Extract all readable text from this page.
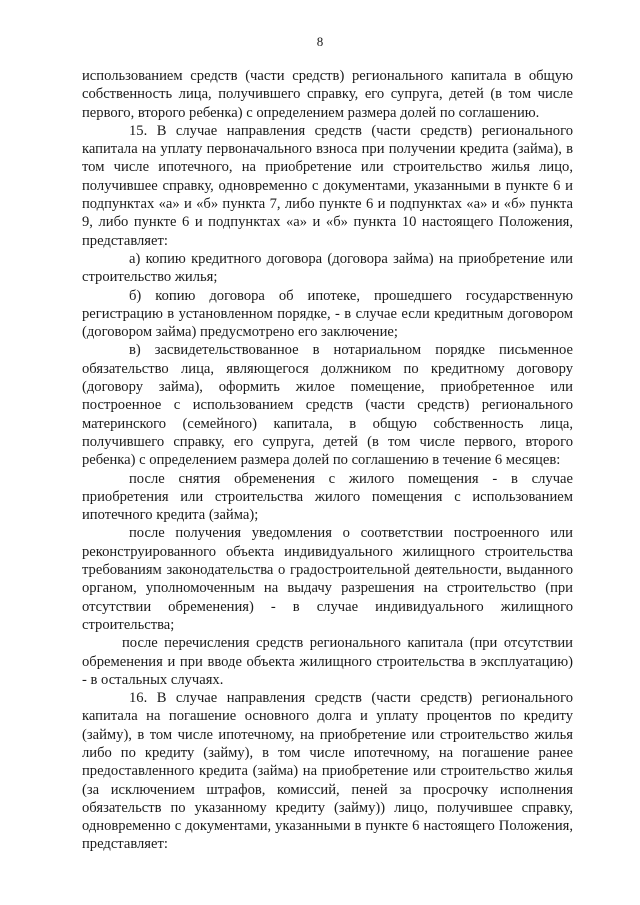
8

использованием средств (части средств) регионального капитала в общую собственность лица, получившего справку, его супруга, детей (в том числе первого, второго ребенка) с определением размера долей по соглашению.

15. В случае направления средств (части средств) регионального капитала на уплату первоначального взноса при получении кредита (займа), в том числе ипотечного, на приобретение или строительство жилья лицо, получившее справку, одновременно с документами, указанными в пункте 6 и подпунктах «а» и «б» пункта 7, либо пункте 6 и подпунктах «а» и «б» пункта 9, либо пункте 6 и подпунктах «а» и «б» пункта 10 настоящего Положения, представляет:

а) копию кредитного договора (договора займа) на приобретение или строительство жилья;

б) копию договора об ипотеке, прошедшего государственную регистрацию в установленном порядке, - в случае если кредитным договором (договором займа) предусмотрено его заключение;

в) засвидетельствованное в нотариальном порядке письменное обязательство лица, являющегося должником по кредитному договору (договору займа), оформить жилое помещение, приобретенное или построенное с использованием средств (части средств) регионального материнского (семейного) капитала, в общую собственность лица, получившего справку, его супруга, детей (в том числе первого, второго ребенка) с определением размера долей по соглашению в течение 6 месяцев:

после снятия обременения с жилого помещения - в случае приобретения или строительства жилого помещения с использованием ипотечного кредита (займа);

после получения уведомления о соответствии построенного или реконструированного объекта индивидуального жилищного строительства требованиям законодательства о градостроительной деятельности, выданного органом, уполномоченным на выдачу разрешения на строительство (при отсутствии обременения) - в случае индивидуального жилищного строительства;

после перечисления средств регионального капитала (при отсутствии обременения и при вводе объекта жилищного строительства в эксплуатацию) - в остальных случаях.

16. В случае направления средств (части средств) регионального капитала на погашение основного долга и уплату процентов по кредиту (займу), в том числе ипотечному, на приобретение или строительство жилья либо по кредиту (займу), в том числе ипотечному, на погашение ранее предоставленного кредита (займа) на приобретение или строительство жилья (за исключением штрафов, комиссий, пеней за просрочку исполнения обязательств по указанному кредиту (займу)) лицо, получившее справку, одновременно с документами, указанными в пункте 6 настоящего Положения, представляет:
